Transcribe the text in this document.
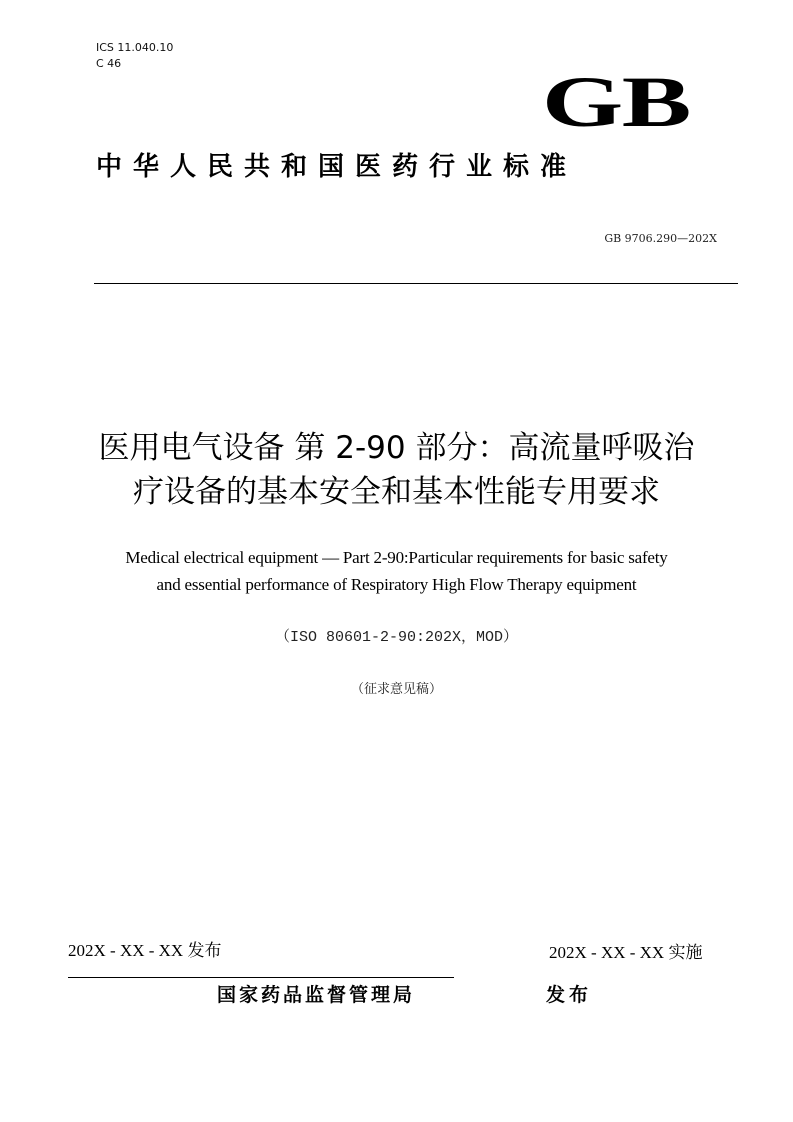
ICS 11.040.10
C 46	GB
中华人民共和国医药行业标准
GB 9706.290—202X
医用电气设备 第 2-90 部分：高流量呼吸治
疗设备的基本安全和基本性能专用要求
Medical electrical equipment — Part 2-90:Particular requirements for basic safety
and essential performance of Respiratory High Flow Therapy equipment
（ISO 80601-2-90:202X，MOD）
（征求意见稿）
202X - XX - XX 发布	202X - XX - XX 实施
国家药品监督管理局	发布
